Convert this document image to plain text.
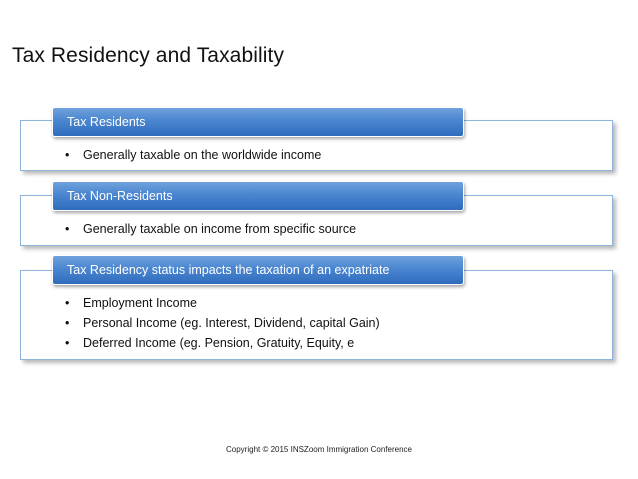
Tax Residency and Taxability
Tax Residents
• Generally taxable on the worldwide income
Tax Non-Residents
• Generally taxable on income from specific source
Tax Residency status impacts the taxation of an expatriate
• Employment Income
• Personal Income (eg. Interest, Dividend, capital Gain)
• Deferred Income (eg. Pension, Gratuity, Equity, e
Copyright © 2015 INSZoom Immigration Conference
